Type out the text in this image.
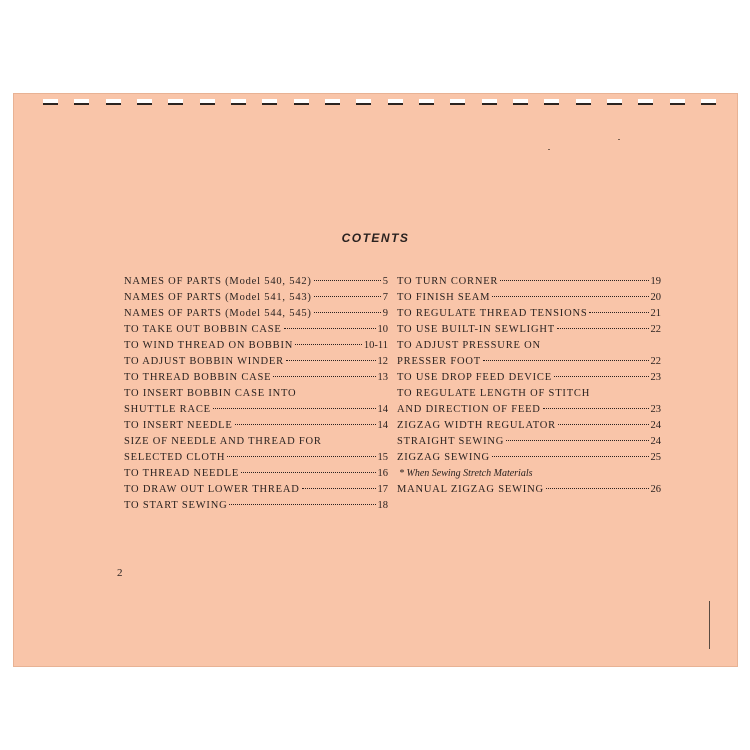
COTENTS
NAMES OF PARTS (Model 540, 542)	5
NAMES OF PARTS (Model 541, 543)	7
NAMES OF PARTS (Model 544, 545)	9
TO TAKE OUT BOBBIN CASE	10
TO WIND THREAD ON BOBBIN	10-11
TO ADJUST BOBBIN WINDER	12
TO THREAD BOBBIN CASE	13
TO INSERT BOBBIN CASE INTO
SHUTTLE RACE	14
TO INSERT NEEDLE	14
SIZE OF NEEDLE AND THREAD FOR
SELECTED CLOTH	15
TO THREAD NEEDLE	16
TO DRAW OUT LOWER THREAD	17
TO START SEWING	18
TO TURN CORNER	19
TO FINISH SEAM	20
TO REGULATE THREAD TENSIONS	21
TO USE BUILT-IN SEWLIGHT	22
TO ADJUST PRESSURE ON
PRESSER FOOT	22
TO USE DROP FEED DEVICE	23
TO REGULATE LENGTH OF STITCH
AND DIRECTION OF FEED	23
ZIGZAG WIDTH REGULATOR	24
STRAIGHT SEWING	24
ZIGZAG SEWING	25
* When Sewing Stretch Materials
MANUAL ZIGZAG SEWING	26
2
